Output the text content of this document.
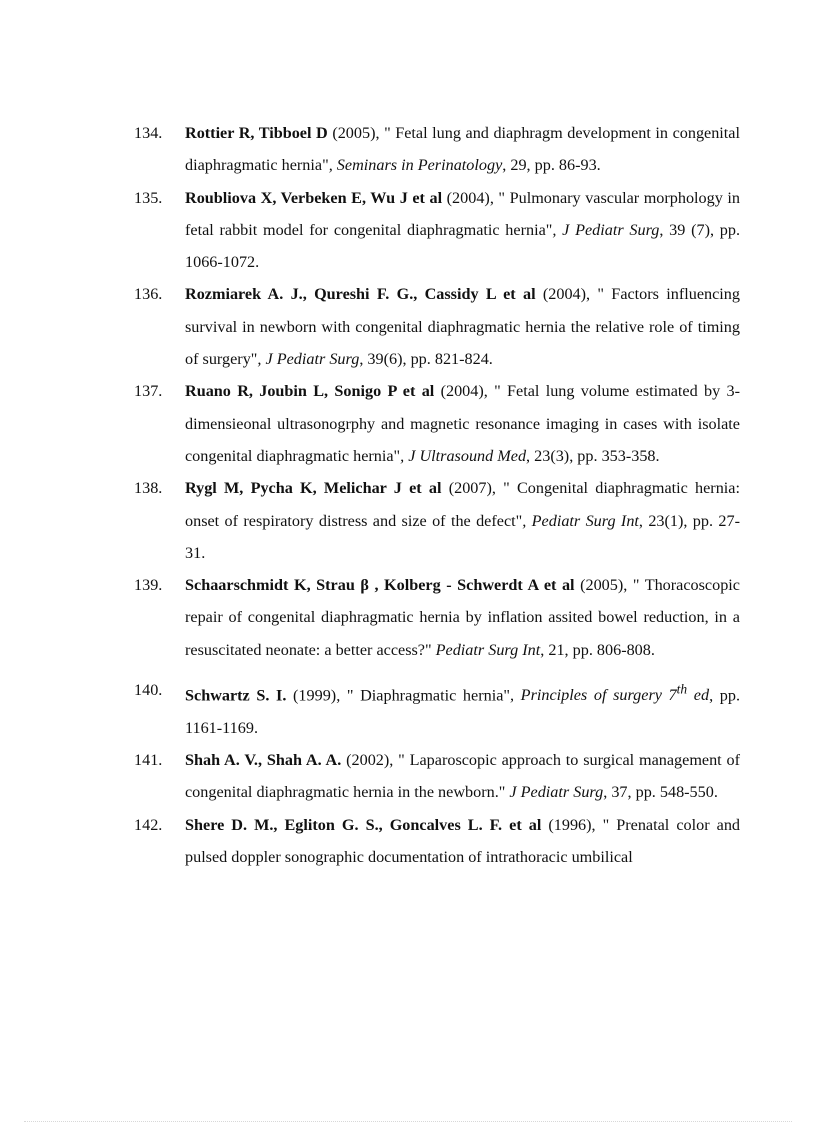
134. Rottier R, Tibboel D (2005), " Fetal lung and diaphragm development in congenital diaphragmatic hernia", Seminars in Perinatology, 29, pp. 86-93.
135. Roubliova X, Verbeken E, Wu J et al (2004), " Pulmonary vascular morphology in fetal rabbit model for congenital diaphragmatic hernia", J Pediatr Surg, 39 (7), pp. 1066-1072.
136. Rozmiarek A. J., Qureshi F. G., Cassidy L et al (2004), " Factors influencing survival in newborn with congenital diaphragmatic hernia the relative role of timing of surgery", J Pediatr Surg, 39(6), pp. 821-824.
137. Ruano R, Joubin L, Sonigo P et al (2004), " Fetal lung volume estimated by 3- dimensieonal ultrasonogrphy and magnetic resonance imaging in cases with isolate congenital diaphragmatic hernia", J Ultrasound Med, 23(3), pp. 353-358.
138. Rygl M, Pycha K, Melichar J et al (2007), " Congenital diaphragmatic hernia: onset of respiratory distress and size of the defect", Pediatr Surg Int, 23(1), pp. 27-31.
139. Schaarschmidt K, Strau β , Kolberg - Schwerdt A et al (2005), " Thoracoscopic repair of congenital diaphragmatic hernia by inflation assited bowel reduction, in a resuscitated neonate: a better access?" Pediatr Surg Int, 21, pp. 806-808.
140. Schwartz S. I. (1999), " Diaphragmatic hernia", Principles of surgery 7th ed, pp. 1161-1169.
141. Shah A. V., Shah A. A. (2002), " Laparoscopic approach to surgical management of congenital diaphragmatic hernia in the newborn." J Pediatr Surg, 37, pp. 548-550.
142. Shere D. M., Egliton G. S., Goncalves L. F. et al (1996), " Prenatal color and pulsed doppler sonographic documentation of intrathoracic umbilical
